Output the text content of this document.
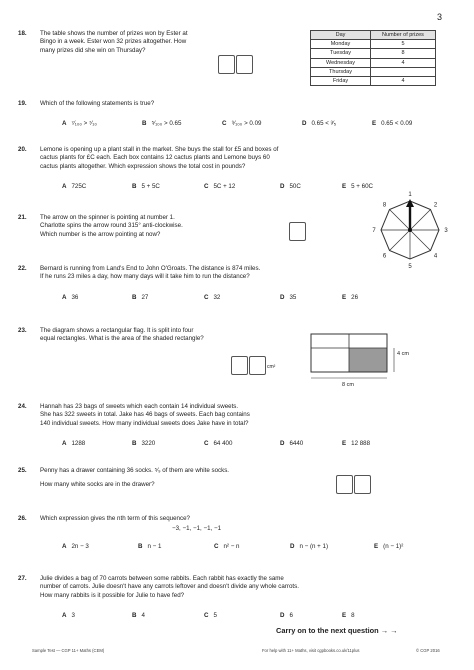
3
18. The table shows the number of prizes won by Ester at

Bingo in a week. Ester won 32 prizes altogether. How

many prizes did she win on Thursday?

Day	Number of prizes
Monday	5
Tuesday	8
Wednesday	4
Thursday	
Friday	4
19. Which of the following statements is true?

A ⁷⁄₁₀₀ > ⁷⁄₁₀	B ⁵⁄₁₀₀ > 0.65	C ⁹⁄₁₀₀ > 0.09	D 0.65 < ³⁄₅	E 0.65 < 0.09
20. Lemone is opening up a plant stall in the market. She buys the stall for £5 and boxes of

cactus plants for £C each. Each box contains 12 cactus plants and Lemone buys 60

cactus plants altogether. Which expression shows the total cost in pounds?

A 725C	B 5 + 5C	C 5C + 12	D 50C	E 5 + 60C
21. The arrow on the spinner is pointing at number 1.

Charlotte spins the arrow round 315° anti-clockwise.

Which number is the arrow pointing at now?

1
2
3
4
5
6
7
8
22. Bernard is running from Land's End to John O'Groats. The distance is 874 miles.

If he runs 23 miles a day, how many days will it take him to run the distance?

A 36	B 27	C 32	D 35	E 26
23. The diagram shows a rectangular flag. It is split into four

equal rectangles. What is the area of the shaded rectangle?

cm²
4 cm
8 cm
24. Hannah has 23 bags of sweets which each contain 14 individual sweets.

She has 322 sweets in total. Jake has 46 bags of sweets. Each bag contains

140 individual sweets. How many individual sweets does Jake have in total?

A 1288	B 3220	C 64 400	D 6440	E 12 888
25. Penny has a drawer containing 36 socks. ⁵⁄₉ of them are white socks.

How many white socks are in the drawer?

26. Which expression gives the nth term of this sequence?

−3, −1, −1, −1, −1
A 2n − 3	B n − 1	C n² − n	D n − (n + 1)	E (n − 1)²
27. Julie divides a bag of 70 carrots between some rabbits. Each rabbit has exactly the same

number of carrots. Julie doesn't have any carrots leftover and doesn't divide any whole carrots.

How many rabbits is it possible for Julie to have fed?

A 3	B 4	C 5	D 6	E 8
Carry on to the next question → →
Sample Test — CGP 11+ Maths (CEM)	For help with 11+ Maths, visit cgpbooks.co.uk/11plus	© CGP 2016
